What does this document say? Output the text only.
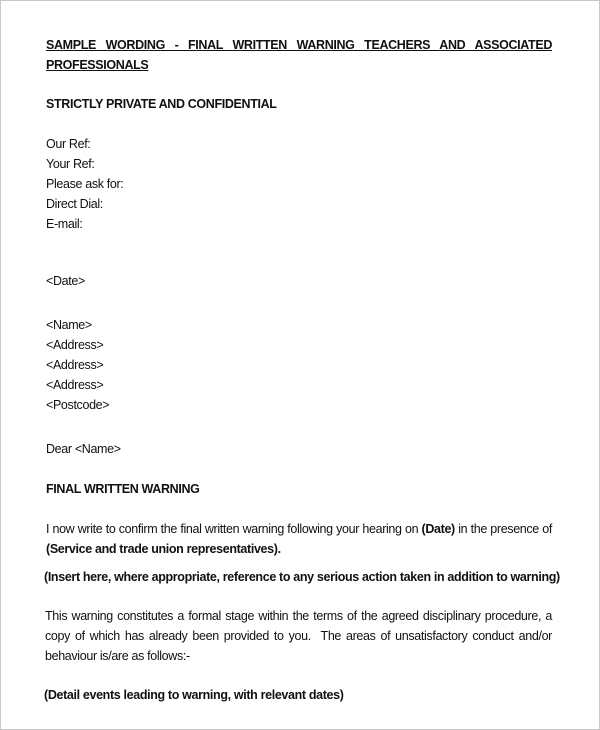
SAMPLE WORDING - FINAL WRITTEN WARNING TEACHERS AND ASSOCIATED PROFESSIONALS
STRICTLY PRIVATE AND CONFIDENTIAL
Our Ref:
Your Ref:
Please ask for:
Direct Dial:
E-mail:
<Date>
<Name>
<Address>
<Address>
<Address>
<Postcode>
Dear <Name>
FINAL WRITTEN WARNING
I now write to confirm the final written warning following your hearing on (Date) in the presence of (Service and trade union representatives).
(Insert here, where appropriate, reference to any serious action taken in addition to warning)
This warning constitutes a formal stage within the terms of the agreed disciplinary procedure, a copy of which has already been provided to you.  The areas of unsatisfactory conduct and/or behaviour is/are as follows:-
(Detail events leading to warning, with relevant dates)
